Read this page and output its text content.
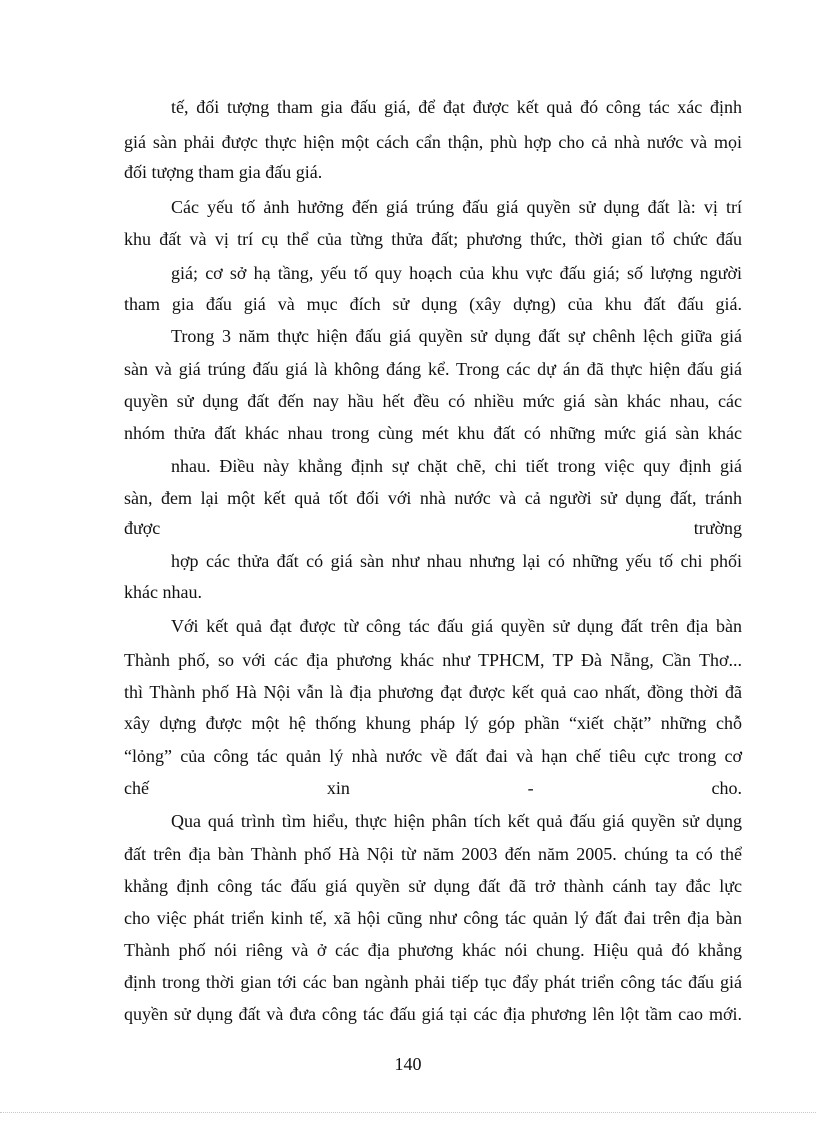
tế, đối tượng tham gia đấu giá, để đạt được kết quả đó công tác xác định
giá sàn phải được thực hiện một cách cẩn thận, phù hợp cho cả nhà nước và mọi
đối tượng tham gia đấu giá.
Các yếu tố ảnh hưởng đến giá trúng đấu giá quyền sử dụng đất là: vị trí
khu đất và vị trí cụ thể của từng thửa đất; phương thức, thời gian tổ chức đấu
giá; cơ sở hạ tầng, yếu tố quy hoạch của khu vực đấu giá; số lượng người
tham gia đấu giá và mục đích sử dụng (xây dựng) của khu đất đấu giá.
Trong 3 năm thực hiện đấu giá quyền sử dụng đất sự chênh lệch giữa giá
sàn và giá trúng đấu giá là không đáng kể. Trong các dự án đã thực hiện đấu giá
quyền sử dụng đất đến nay hầu hết đều có nhiều mức giá sàn khác nhau, các
nhóm thửa đất khác nhau trong cùng mét khu đất có những mức giá sàn khác
nhau. Điều này khẳng định sự chặt chẽ, chi tiết trong việc quy định giá
sàn, đem lại một kết quả tốt đối với nhà nước và cả người sử dụng đất, tránh
được trường
hợp các thửa đất có giá sàn như nhau nhưng lại có những yếu tố chi phối
khác nhau.
Với kết quả đạt được từ công tác đấu giá quyền sử dụng đất trên địa bàn
Thành phố, so với các địa phương khác như TPHCM, TP Đà Nẵng, Cần Thơ...
thì Thành phố Hà Nội vẫn là địa phương đạt được kết quả cao nhất, đồng thời đã
xây dựng được một hệ thống khung pháp lý góp phần “xiết chặt” những chỗ
“lỏng” của công tác quản lý nhà nước về đất đai và hạn chế tiêu cực trong cơ
chế xin - cho.
Qua quá trình tìm hiểu, thực hiện phân tích kết quả đấu giá quyền sử dụng
đất trên địa bàn Thành phố Hà Nội từ năm 2003 đến năm 2005. chúng ta có thể
khẳng định công tác đấu giá quyền sử dụng đất đã trở thành cánh tay đắc lực
cho việc phát triển kinh tế, xã hội cũng như công tác quản lý đất đai trên địa bàn
Thành phố nói riêng và ở các địa phương khác nói chung. Hiệu quả đó khẳng
định trong thời gian tới các ban ngành phải tiếp tục đẩy phát triển công tác đấu giá
quyền sử dụng đất và đưa công tác đấu giá tại các địa phương lên lột tầm cao mới.
140
